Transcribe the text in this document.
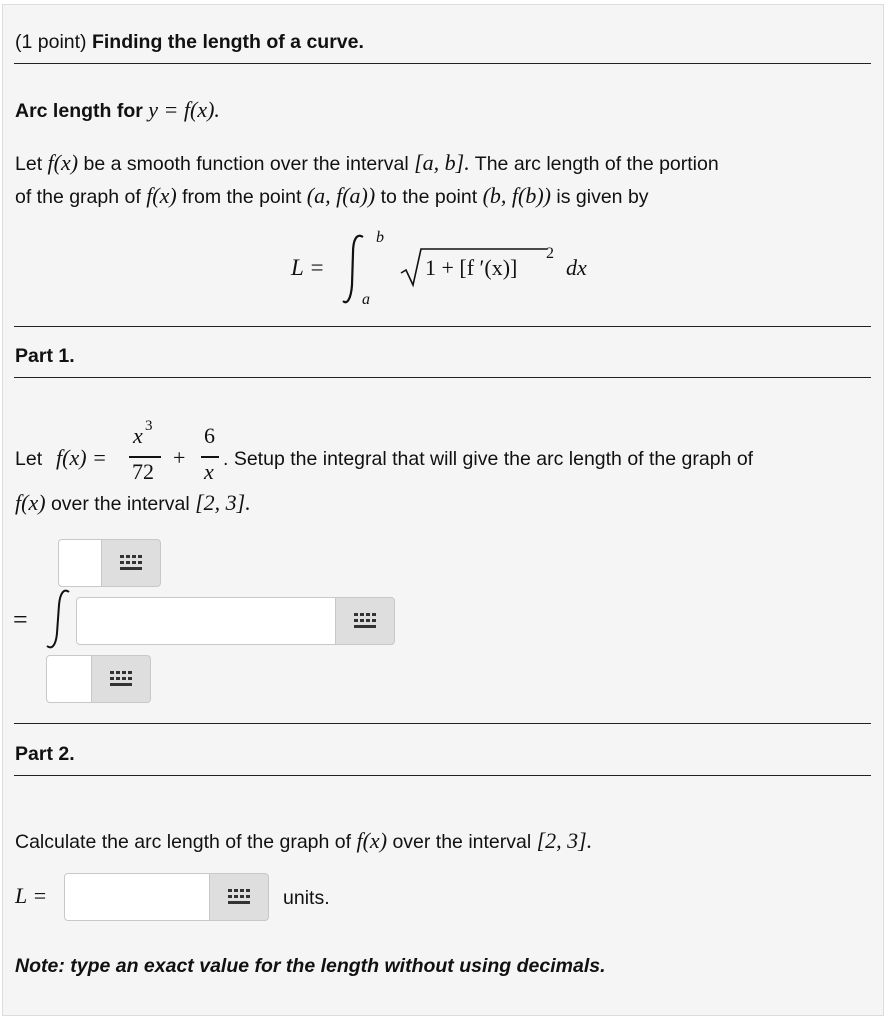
(1 point) Finding the length of a curve.
Arc length for y = f(x).
Let f(x) be a smooth function over the interval [a, b]. The arc length of the portion
of the graph of f(x) from the point (a, f(a)) to the point (b, f(b)) is given by
L =
b
a
1 + [f ′(x)]
2
dx
Part 1.
Let f(x) =
x 3
72
+
6
x . Setup the integral that will give the arc length of the graph of
f(x) over the interval [2, 3].
=
Part 2.
Calculate the arc length of the graph of f(x) over the interval [2, 3].
L =	units.
Note: type an exact value for the length without using decimals.
